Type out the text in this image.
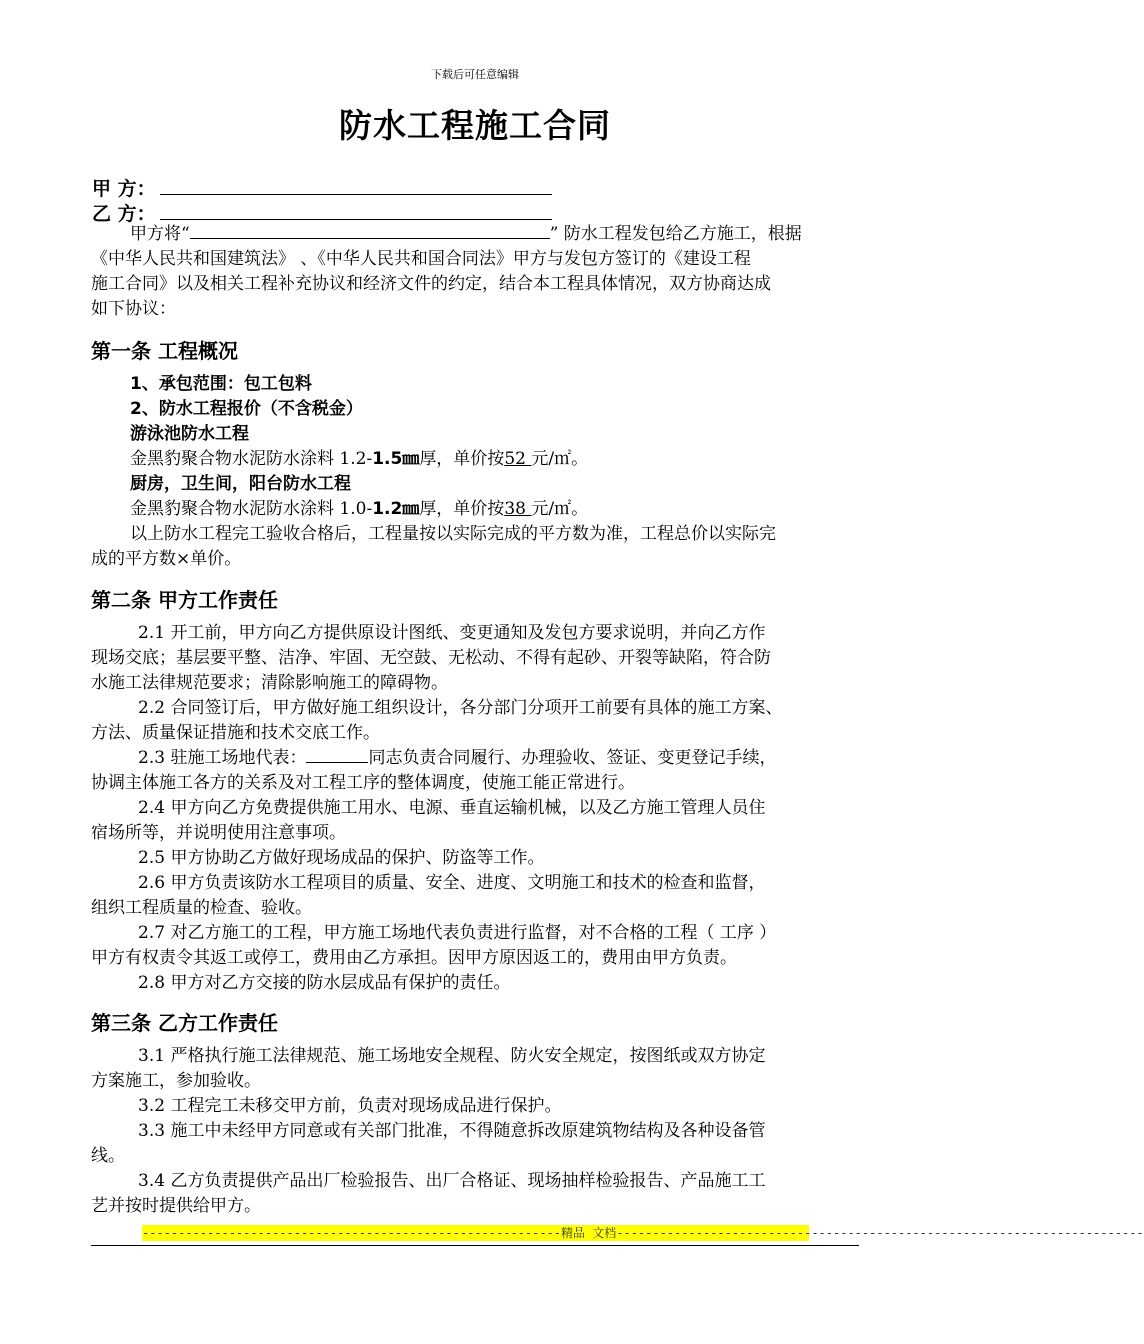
下载后可任意编辑
防水工程施工合同
甲 方：
乙 方：
甲方将“	” 防水工程发包给乙方施工，根据
《中华人民共和国建筑法》 、《中华人民共和国合同法》甲方与发包方签订的《建设工程
施工合同》以及相关工程补充协议和经济文件的约定，结合本工程具体情况，双方协商达成
如下协议：
第一条 工程概况
1、承包范围：包工包料
2、防水工程报价（不含税金）
游泳池防水工程
金黑豹聚合物水泥防水涂料 1.2-1.5㎜厚，单价按52 元/㎡。
厨房，卫生间，阳台防水工程
金黑豹聚合物水泥防水涂料 1.0-1.2㎜厚，单价按38 元/㎡。
以上防水工程完工验收合格后，工程量按以实际完成的平方数为准，工程总价以实际完
成的平方数×单价。
第二条 甲方工作责任
2.1 开工前，甲方向乙方提供原设计图纸、变更通知及发包方要求说明，并向乙方作
现场交底；基层要平整、洁净、牢固、无空鼓、无松动、不得有起砂、开裂等缺陷，符合防
水施工法律规范要求；清除影响施工的障碍物。
2.2 合同签订后，甲方做好施工组织设计，各分部门分项开工前要有具体的施工方案、
方法、质量保证措施和技术交底工作。
2.3 驻施工场地代表：	同志负责合同履行、办理验收、签证、变更登记手续，
协调主体施工各方的关系及对工程工序的整体调度，使施工能正常进行。
2.4 甲方向乙方免费提供施工用水、电源、垂直运输机械，以及乙方施工管理人员住
宿场所等，并说明使用注意事项。
2.5 甲方协助乙方做好现场成品的保护、防盗等工作。
2.6 甲方负责该防水工程项目的质量、安全、进度、文明施工和技术的检查和监督，
组织工程质量的检查、验收。
2.7 对乙方施工的工程，甲方施工场地代表负责进行监督，对不合格的工程（ 工序 ）
甲方有权责令其返工或停工，费用由乙方承担。因甲方原因返工的，费用由甲方负责。
2.8 甲方对乙方交接的防水层成品有保护的责任。
第三条 乙方工作责任
3.1 严格执行施工法律规范、施工场地安全规程、防火安全规定，按图纸或双方协定
方案施工，参加验收。
3.2 工程完工未移交甲方前，负责对现场成品进行保护。
3.3 施工中未经甲方同意或有关部门批准，不得随意拆改原建筑物结构及各种设备管
线。
3.4 乙方负责提供产品出厂检验报告、出厂合格证、现场抽样检验报告、产品施工工
艺并按时提供给甲方。
----------------------------------------------------------精品 文档-------------------------------------------------------------------------
